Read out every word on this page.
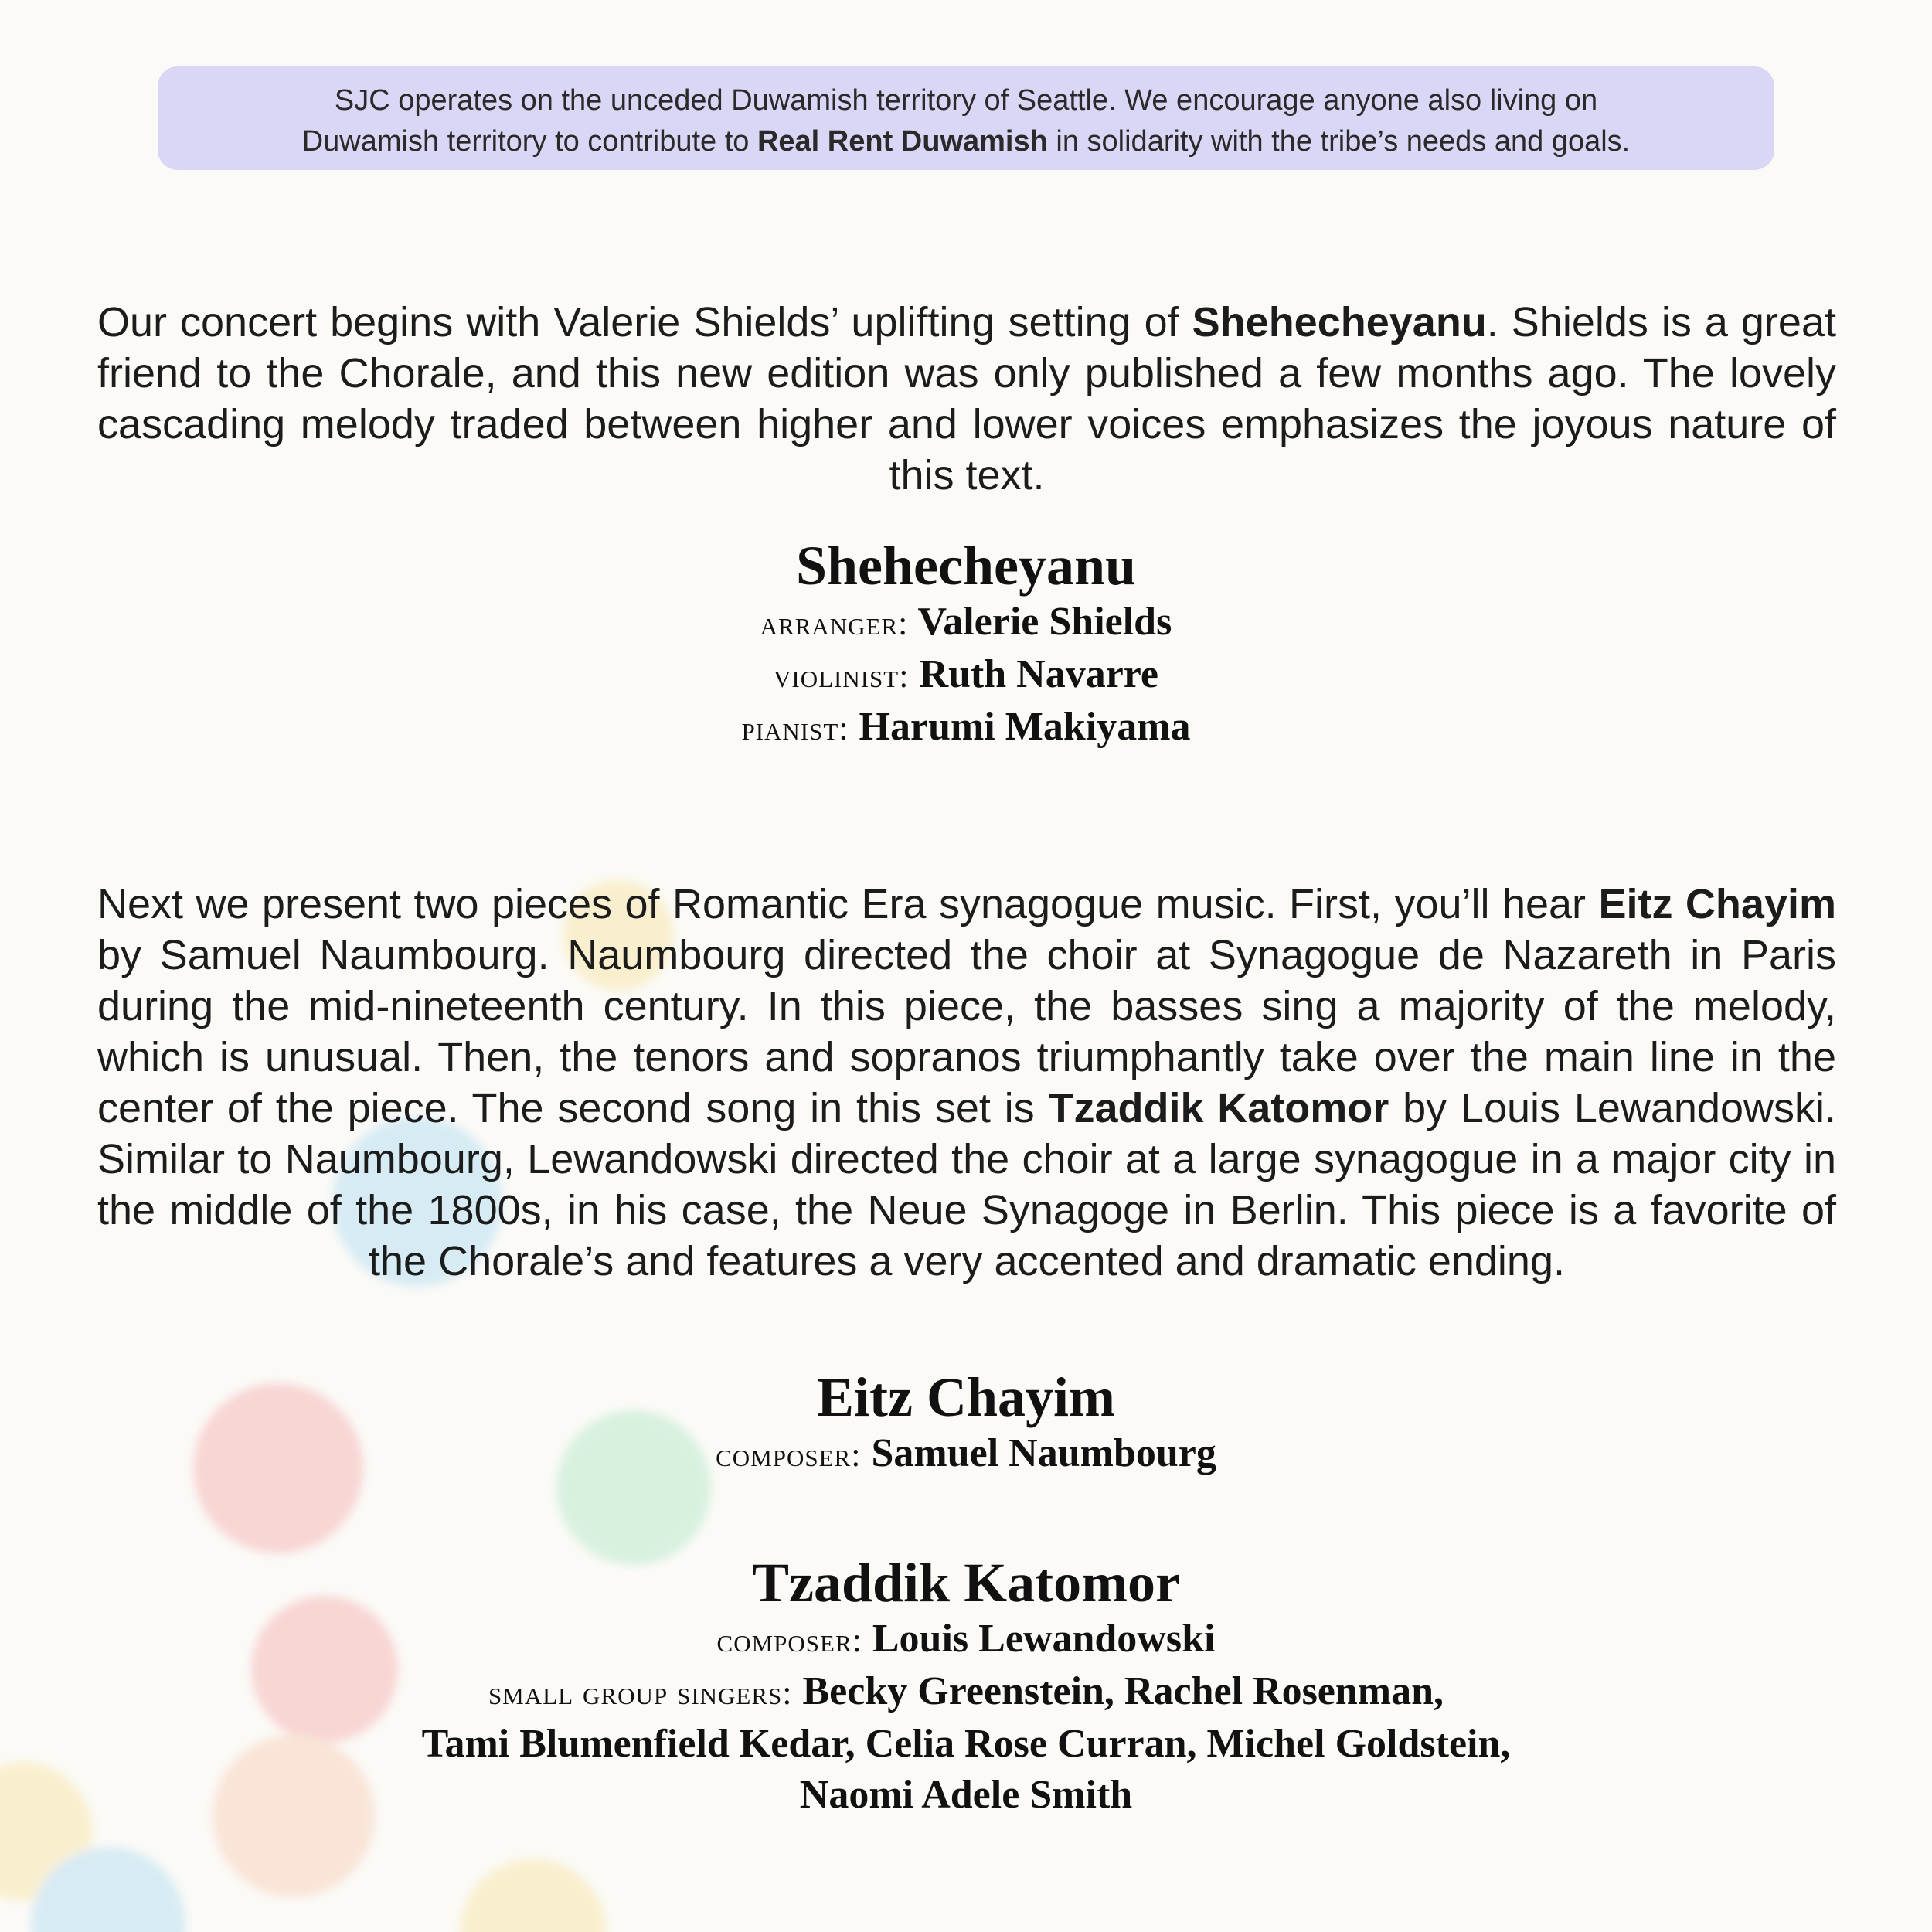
SJC operates on the unceded Duwamish territory of Seattle. We encourage anyone also living on
Duwamish territory to contribute to Real Rent Duwamish in solidarity with the tribe’s needs and goals.

Our concert begins with Valerie Shields’ uplifting setting of Shehecheyanu. Shields is a great friend to the Chorale, and this new edition was only published a few months ago. The lovely cascading melody traded between higher and lower voices emphasizes the joyous nature of this text.

Shehecheyanu
arranger: Valerie Shields
violinist: Ruth Navarre
pianist: Harumi Makiyama

Next we present two pieces of Romantic Era synagogue music. First, you’ll hear Eitz Chayim by Samuel Naumbourg. Naumbourg directed the choir at Synagogue de Nazareth in Paris during the mid-nineteenth century. In this piece, the basses sing a majority of the melody, which is unusual. Then, the tenors and sopranos triumphantly take over the main line in the center of the piece. The second song in this set is Tzaddik Katomor by Louis Lewandowski. Similar to Naumbourg, Lewandowski directed the choir at a large synagogue in a major city in the middle of the 1800s, in his case, the Neue Synagoge in Berlin. This piece is a favorite of the Chorale’s and features a very accented and dramatic ending.

Eitz Chayim
composer: Samuel Naumbourg
Tzaddik Katomor
composer: Louis Lewandowski
small group singers: Becky Greenstein, Rachel Rosenman,
Tami Blumenfield Kedar, Celia Rose Curran, Michel Goldstein,
Naomi Adele Smith
